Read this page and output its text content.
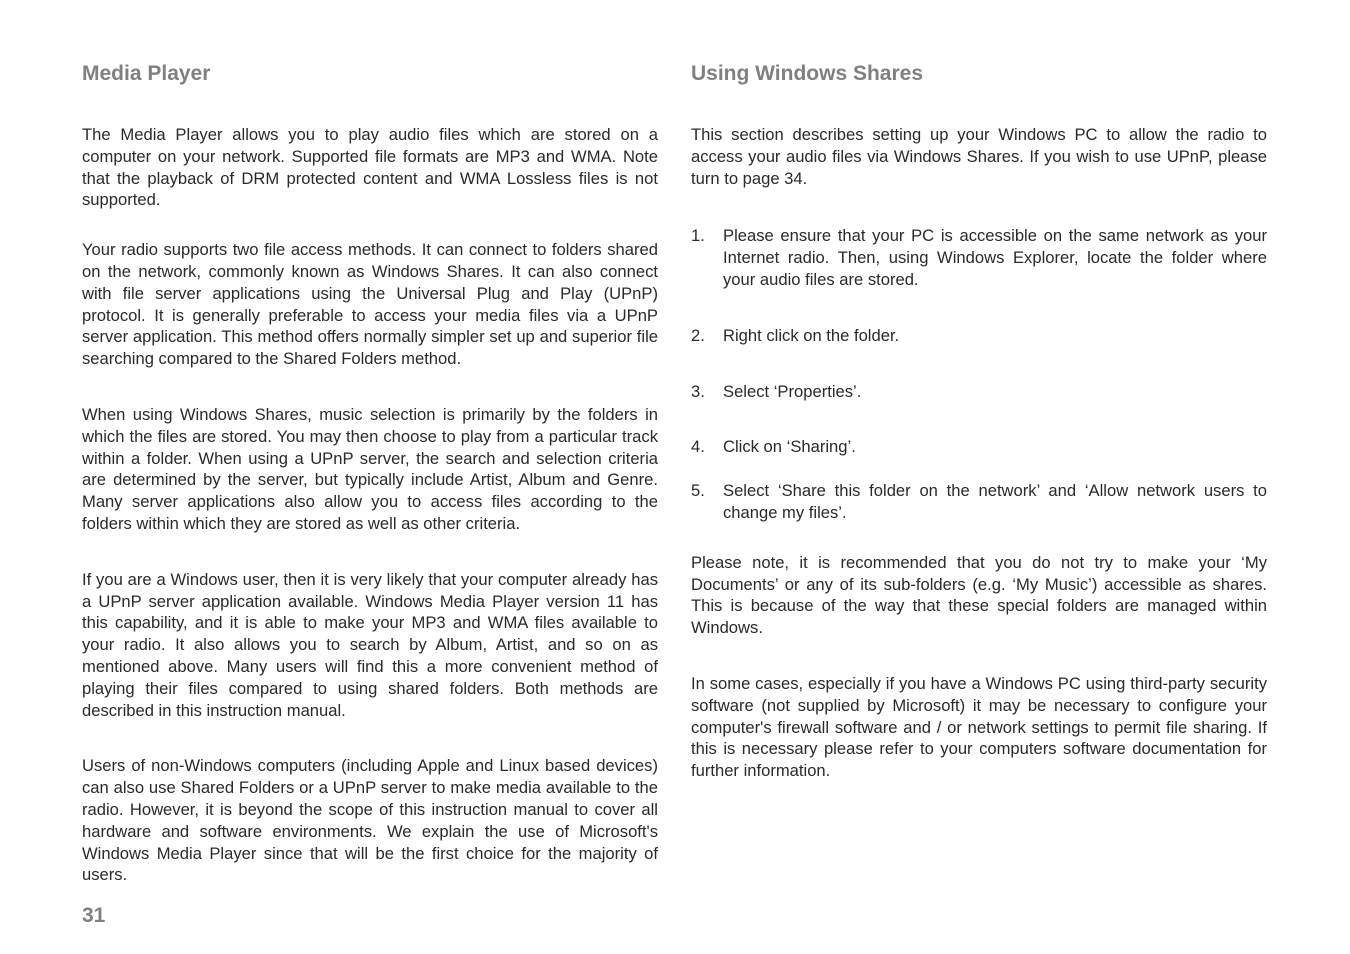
Media Player

The Media Player allows you to play audio files which are stored on a computer on your network. Supported file formats are MP3 and WMA. Note that the playback of DRM protected content and WMA Lossless files is not supported.

Your radio supports two file access methods. It can connect to folders shared on the network, commonly known as Windows Shares. It can also connect with file server applications using the Universal Plug and Play (UPnP) protocol. It is generally preferable to access your media files via a UPnP server application. This method offers normally simpler set up and superior file searching compared to the Shared Folders method.

When using Windows Shares, music selection is primarily by the folders in which the files are stored. You may then choose to play from a particular track within a folder. When using a UPnP server, the search and selection criteria are determined by the server, but typically include Artist, Album and Genre. Many server applications also allow you to access files according to the folders within which they are stored as well as other criteria.

If you are a Windows user, then it is very likely that your computer already has a UPnP server application available. Windows Media Player version 11 has this capability, and it is able to make your MP3 and WMA files available to your radio. It also allows you to search by Album, Artist, and so on as mentioned above. Many users will find this a more convenient method of playing their files compared to using shared folders. Both methods are described in this instruction manual.

Users of non-Windows computers (including Apple and Linux based devices) can also use Shared Folders or a UPnP server to make media available to the radio. However, it is beyond the scope of this instruction manual to cover all hardware and software environments. We explain the use of Microsoft's Windows Media Player since that will be the first choice for the majority of users.

Using Windows Shares

This section describes setting up your Windows PC to allow the radio to access your audio files via Windows Shares. If you wish to use UPnP, please turn to page 34.

1. Please ensure that your PC is accessible on the same network as your Internet radio. Then, using Windows Explorer, locate the folder where your audio files are stored.
2. Right click on the folder.
3. Select ‘Properties’.
4. Click on ‘Sharing’.
5. Select ‘Share this folder on the network’ and ‘Allow network users to change my files’.

Please note, it is recommended that you do not try to make your ‘My Documents’ or any of its sub-folders (e.g. ‘My Music’) accessible as shares. This is because of the way that these special folders are managed within Windows.

In some cases, especially if you have a Windows PC using third-party security software (not supplied by Microsoft) it may be necessary to configure your computer's firewall software and / or network settings to permit file sharing. If this is necessary please refer to your computers software documentation for further information.

31
